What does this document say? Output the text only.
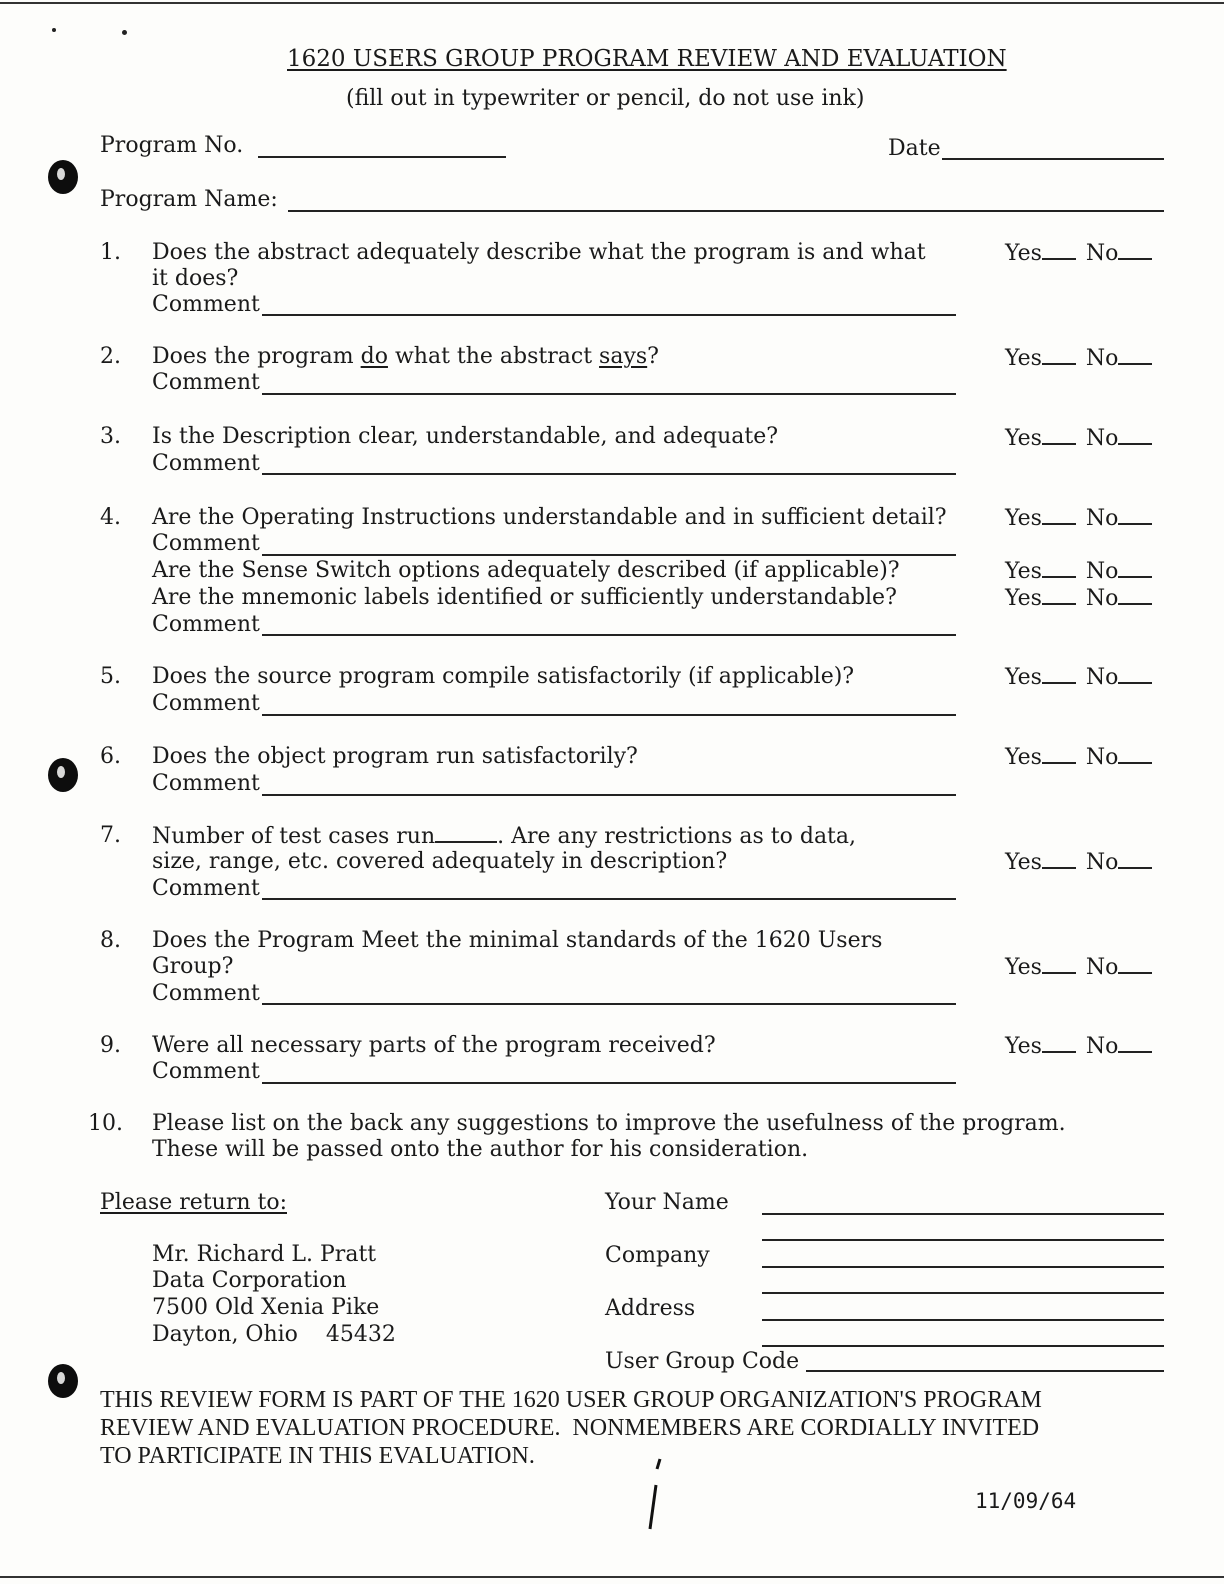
1620 USERS GROUP PROGRAM REVIEW AND EVALUATION
(fill out in typewriter or pencil, do not use ink)
Program No.	Date
Program Name:
1. Does the abstract adequately describe what the program is and what
it does?
Comment
Yes No
2. Does the program do what the abstract says?
Comment
Yes No
3. Is the Description clear, understandable, and adequate?
Comment
Yes No
4. Are the Operating Instructions understandable and in sufficient detail?
Comment
Are the Sense Switch options adequately described (if applicable)?
Are the mnemonic labels identified or sufficiently understandable?
Comment
Yes No
Yes No
Yes No
5. Does the source program compile satisfactorily (if applicable)?
Comment
Yes No
6. Does the object program run satisfactorily?
Comment
Yes No
7. Number of test cases run	. Are any restrictions as to data,
size, range, etc. covered adequately in description?
Comment
Yes No
8. Does the Program Meet the minimal standards of the 1620 Users
Group?
Comment
Yes No
9. Were all necessary parts of the program received?
Comment
Yes No
10. Please list on the back any suggestions to improve the usefulness of the program.
These will be passed onto the author for his consideration.
Please return to:
Mr. Richard L. Pratt
Data Corporation
7500 Old Xenia Pike
Dayton, Ohio    45432
Your Name
Company
Address
User Group Code
THIS REVIEW FORM IS PART OF THE 1620 USER GROUP ORGANIZATION'S PROGRAM
REVIEW AND EVALUATION PROCEDURE.  NONMEMBERS ARE CORDIALLY INVITED
TO PARTICIPATE IN THIS EVALUATION.
11/09/64
